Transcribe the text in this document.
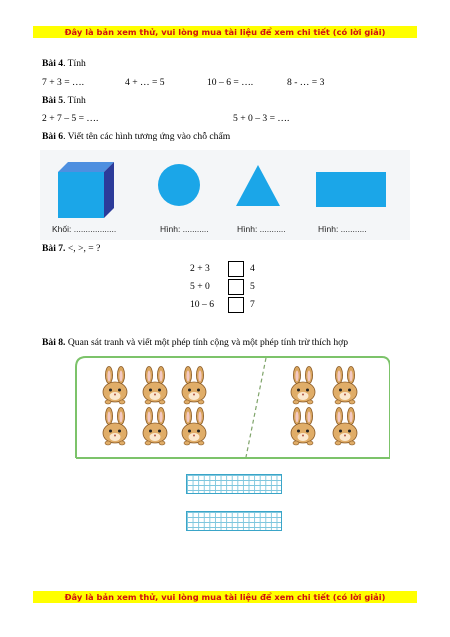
Đây là bản xem thử, vui lòng mua tài liệu để xem chi tiết (có lời giải)
Đây là bản xem thử, vui lòng mua tài liệu để xem chi tiết (có lời giải)
Bài 4. Tính
7 + 3 = ….	4 + … = 5	10 – 6 = ….	8 - … = 3
Bài 5. Tính
2 + 7 – 5 = ….	5 + 0 – 3 = ….
Bài 6. Viết tên các hình tương ứng vào chỗ chấm
Khối: ..................	Hình: ...........	Hình: ...........	Hình: ...........
Bài 7. <, >, = ?
2 + 3	4
5 + 0	5
10 – 6	7
Bài 8. Quan sát tranh và viết một phép tính cộng và một phép tính trừ thích hợp
